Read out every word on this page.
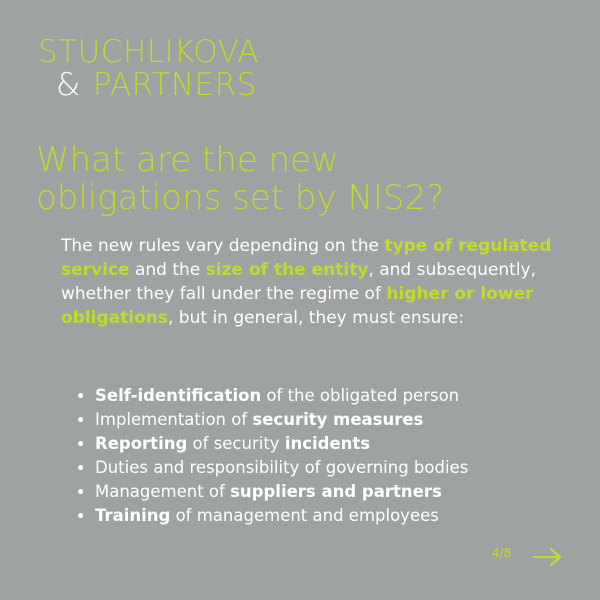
STUCHLIKOVA
& PARTNERS
What are the new
obligations set by NIS2?

The new rules vary depending on the type of regulated service and the size of the entity, and subsequently, whether they fall under the regime of higher or lower obligations, but in general, they must ensure:

• Self-identification of the obligated person
• Implementation of security measures
• Reporting of security incidents
• Duties and responsibility of governing bodies
• Management of suppliers and partners
• Training of management and employees
4/8
